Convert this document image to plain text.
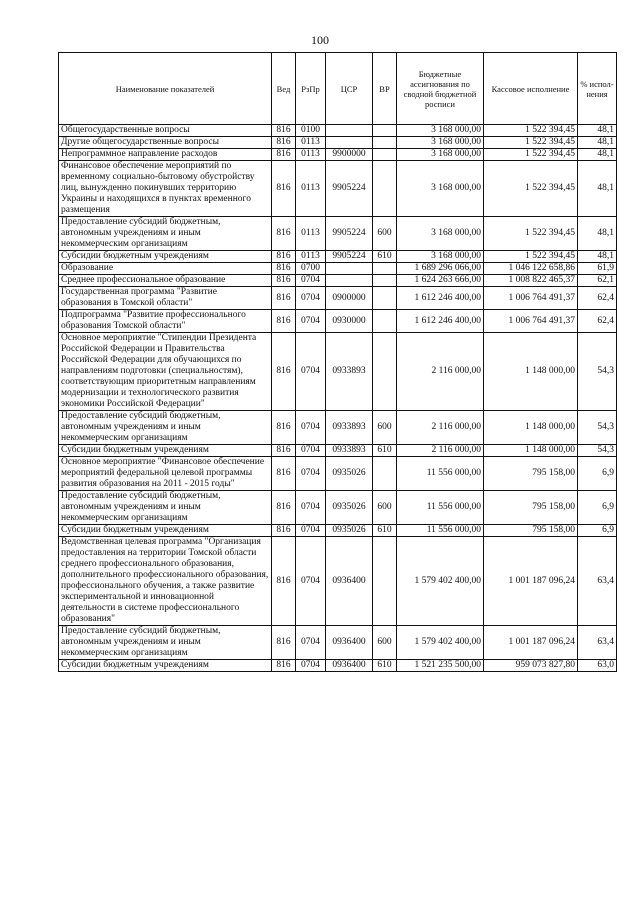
100
Наименование показателей	Вед	РзПр	ЦСР	ВР	Бюджетные ассигнования по сводной бюджетной росписи	Кассовое исполнение	% испол-нения
Общегосударственные вопросы	816	0100			3 168 000,00	1 522 394,45	48,1
Другие общегосударственные вопросы	816	0113			3 168 000,00	1 522 394,45	48,1
Непрограммное направление расходов	816	0113	9900000		3 168 000,00	1 522 394,45	48,1
Финансовое обеспечение мероприятий по временному социально-бытовому обустройству лиц, вынужденно покинувших территорию Украины и находящихся в пунктах временного размещения	816	0113	9905224		3 168 000,00	1 522 394,45	48,1
Предоставление субсидий бюджетным, автономным учреждениям и иным некоммерческим организациям	816	0113	9905224	600	3 168 000,00	1 522 394,45	48,1
Субсидии бюджетным учреждениям	816	0113	9905224	610	3 168 000,00	1 522 394,45	48,1
Образование	816	0700			1 689 296 066,00	1 046 122 658,86	61,9
Среднее профессиональное образование	816	0704			1 624 263 666,00	1 008 822 465,37	62,1
Государственная программа "Развитие образования в Томской области"	816	0704	0900000		1 612 246 400,00	1 006 764 491,37	62,4
Подпрограмма "Развитие профессионального образования Томской области"	816	0704	0930000		1 612 246 400,00	1 006 764 491,37	62,4
Основное мероприятие "Стипендии Президента Российской Федерации и Правительства Российской Федерации для обучающихся по направлениям подготовки (специальностям), соответствующим приоритетным направлениям модернизации и технологического развития экономики Российской Федерации"	816	0704	0933893		2 116 000,00	1 148 000,00	54,3
Предоставление субсидий бюджетным, автономным учреждениям и иным некоммерческим организациям	816	0704	0933893	600	2 116 000,00	1 148 000,00	54,3
Субсидии бюджетным учреждениям	816	0704	0933893	610	2 116 000,00	1 148 000,00	54,3
Основное мероприятие "Финансовое обеспечение мероприятий федеральной целевой программы развития образования на 2011 - 2015 годы"	816	0704	0935026		11 556 000,00	795 158,00	6,9
Предоставление субсидий бюджетным, автономным учреждениям и иным некоммерческим организациям	816	0704	0935026	600	11 556 000,00	795 158,00	6,9
Субсидии бюджетным учреждениям	816	0704	0935026	610	11 556 000,00	795 158,00	6,9
Ведомственная целевая программа "Организация предоставления на территории Томской области среднего профессионального образования, дополнительного профессионального образования, профессионального обучения, а также развитие экспериментальной и инновационной деятельности в системе профессионального образования"	816	0704	0936400		1 579 402 400,00	1 001 187 096,24	63,4
Предоставление субсидий бюджетным, автономным учреждениям и иным некоммерческим организациям	816	0704	0936400	600	1 579 402 400,00	1 001 187 096,24	63,4
Субсидии бюджетным учреждениям	816	0704	0936400	610	1 521 235 500,00	959 073 827,80	63,0
